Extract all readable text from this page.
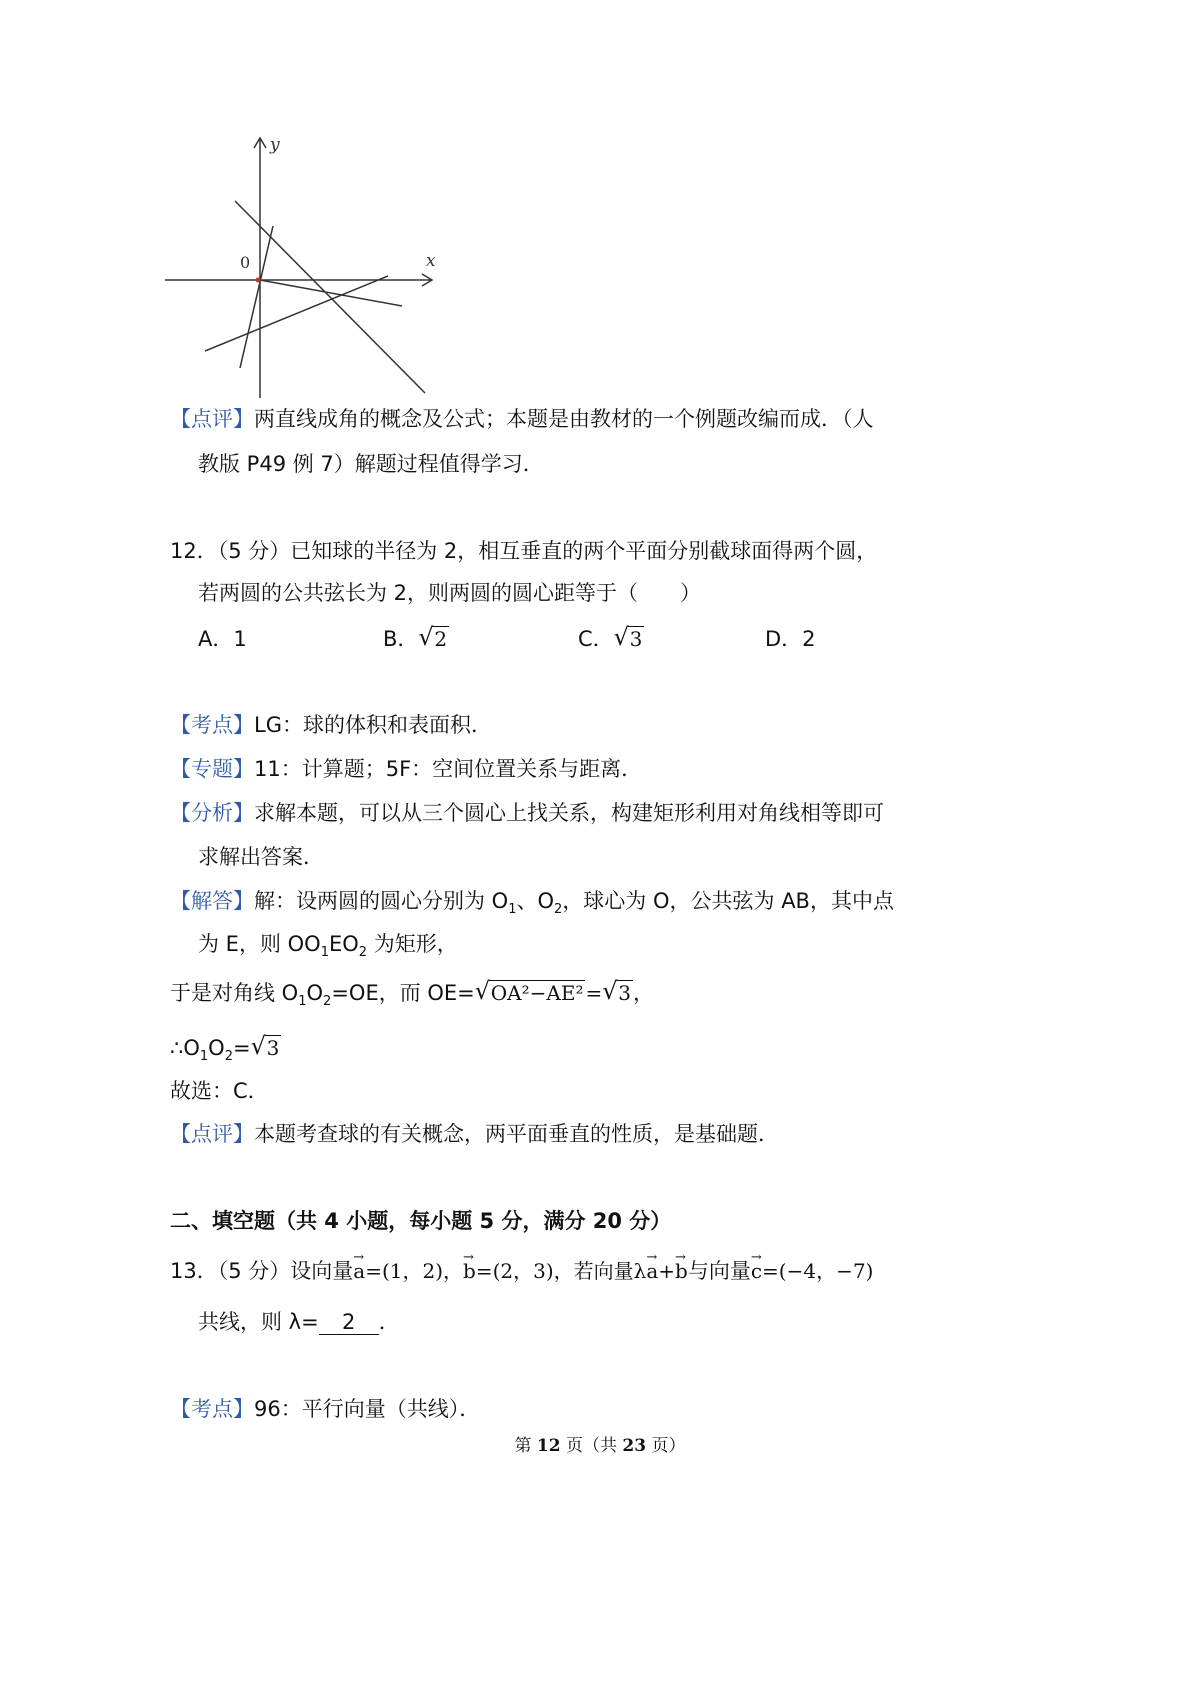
y
x
0
【点评】两直线成角的概念及公式；本题是由教材的一个例题改编而成．（人
教版 P49 例 7）解题过程值得学习．
12．（5 分）已知球的半径为 2，相互垂直的两个平面分别截球面得两个圆，
若两圆的公共弦长为 2，则两圆的圆心距等于（　　）
A．1	B． √ 2	C． √ 3	D．2
【考点】LG：球的体积和表面积．
【专题】11：计算题；5F：空间位置关系与距离．
【分析】求解本题，可以从三个圆心上找关系，构建矩形利用对角线相等即可
求解出答案．
【解答】解：设两圆的圆心分别为 $O_1$、$O_2$，球心为 O，公共弦为 AB，其中点
为 E，则 $OO_1EO_2$ 为矩形，
于是对角线 $O_1O_2=OE$，而 OE= √ OA²−AE² = √ 3，
$\therefore O_1O_2=$ √ 3
故选：C．
【点评】本题考查球的有关概念，两平面垂直的性质，是基础题．
二、填空题（共 4 小题，每小题 5 分，满分 20 分）
13．（5 分）设向量→ a=(1，2)，→ b=(2，3)，若向量λ→ a+→ b与向量→ c=(−4，−7)
共线，则 λ= 2 ．
【考点】96：平行向量（共线）．
第 12 页（共 23 页）
